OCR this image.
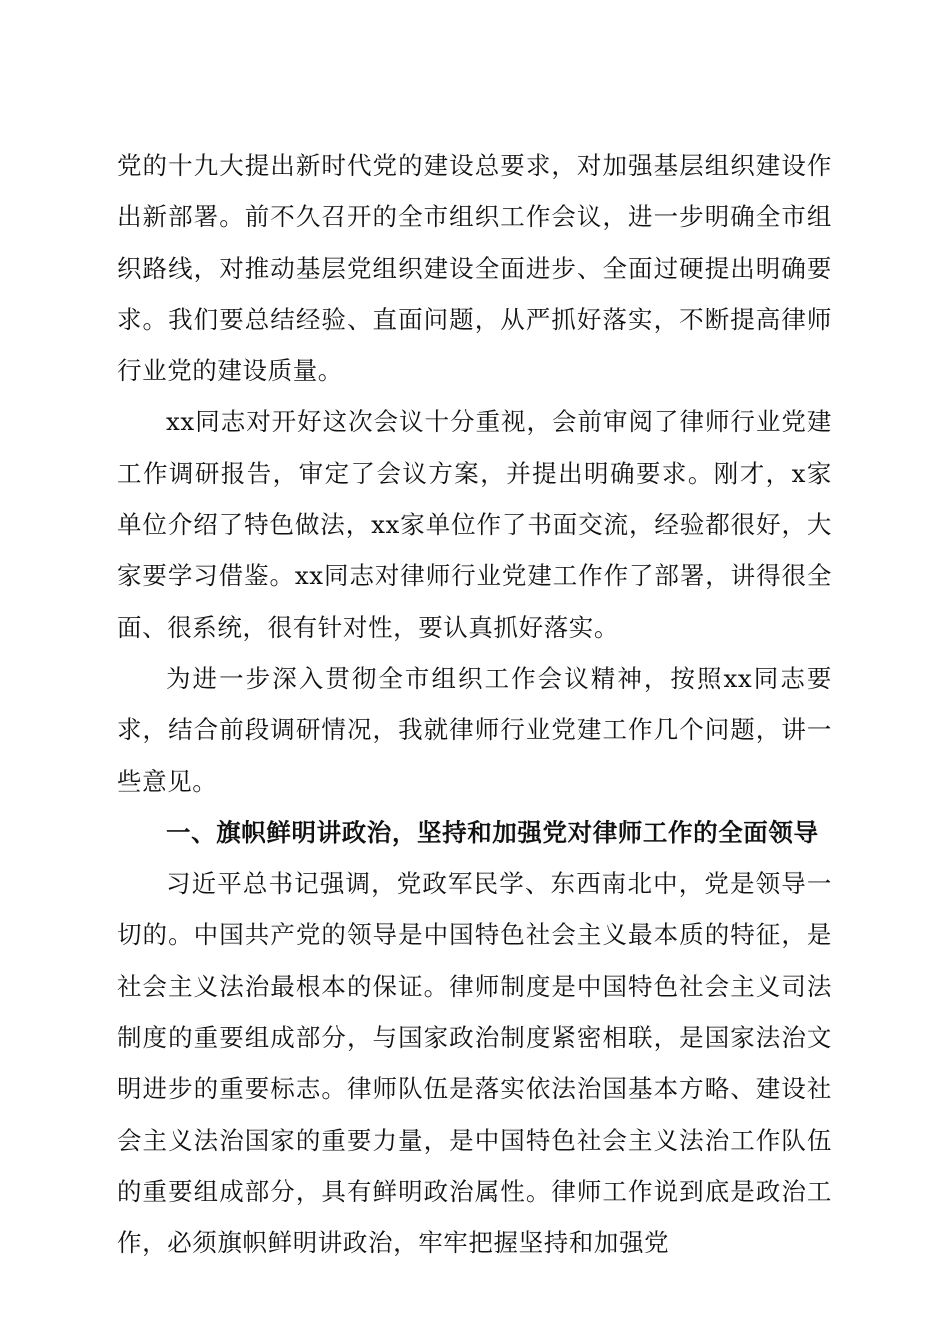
党的十九大提出新时代党的建设总要求，对加强基层组织建设作出新部署。前不久召开的全市组织工作会议，进一步明确全市组织路线，对推动基层党组织建设全面进步、全面过硬提出明确要求。我们要总结经验、直面问题，从严抓好落实，不断提高律师行业党的建设质量。

xx同志对开好这次会议十分重视，会前审阅了律师行业党建工作调研报告，审定了会议方案，并提出明确要求。刚才，x家单位介绍了特色做法，xx家单位作了书面交流，经验都很好，大家要学习借鉴。xx同志对律师行业党建工作作了部署，讲得很全面、很系统，很有针对性，要认真抓好落实。

为进一步深入贯彻全市组织工作会议精神，按照xx同志要求，结合前段调研情况，我就律师行业党建工作几个问题，讲一些意见。

一、旗帜鲜明讲政治，坚持和加强党对律师工作的全面领导

习近平总书记强调，党政军民学、东西南北中，党是领导一切的。中国共产党的领导是中国特色社会主义最本质的特征，是社会主义法治最根本的保证。律师制度是中国特色社会主义司法制度的重要组成部分，与国家政治制度紧密相联，是国家法治文明进步的重要标志。律师队伍是落实依法治国基本方略、建设社会主义法治国家的重要力量，是中国特色社会主义法治工作队伍的重要组成部分，具有鲜明政治属性。律师工作说到底是政治工作，必须旗帜鲜明讲政治，牢牢把握坚持和加强党
